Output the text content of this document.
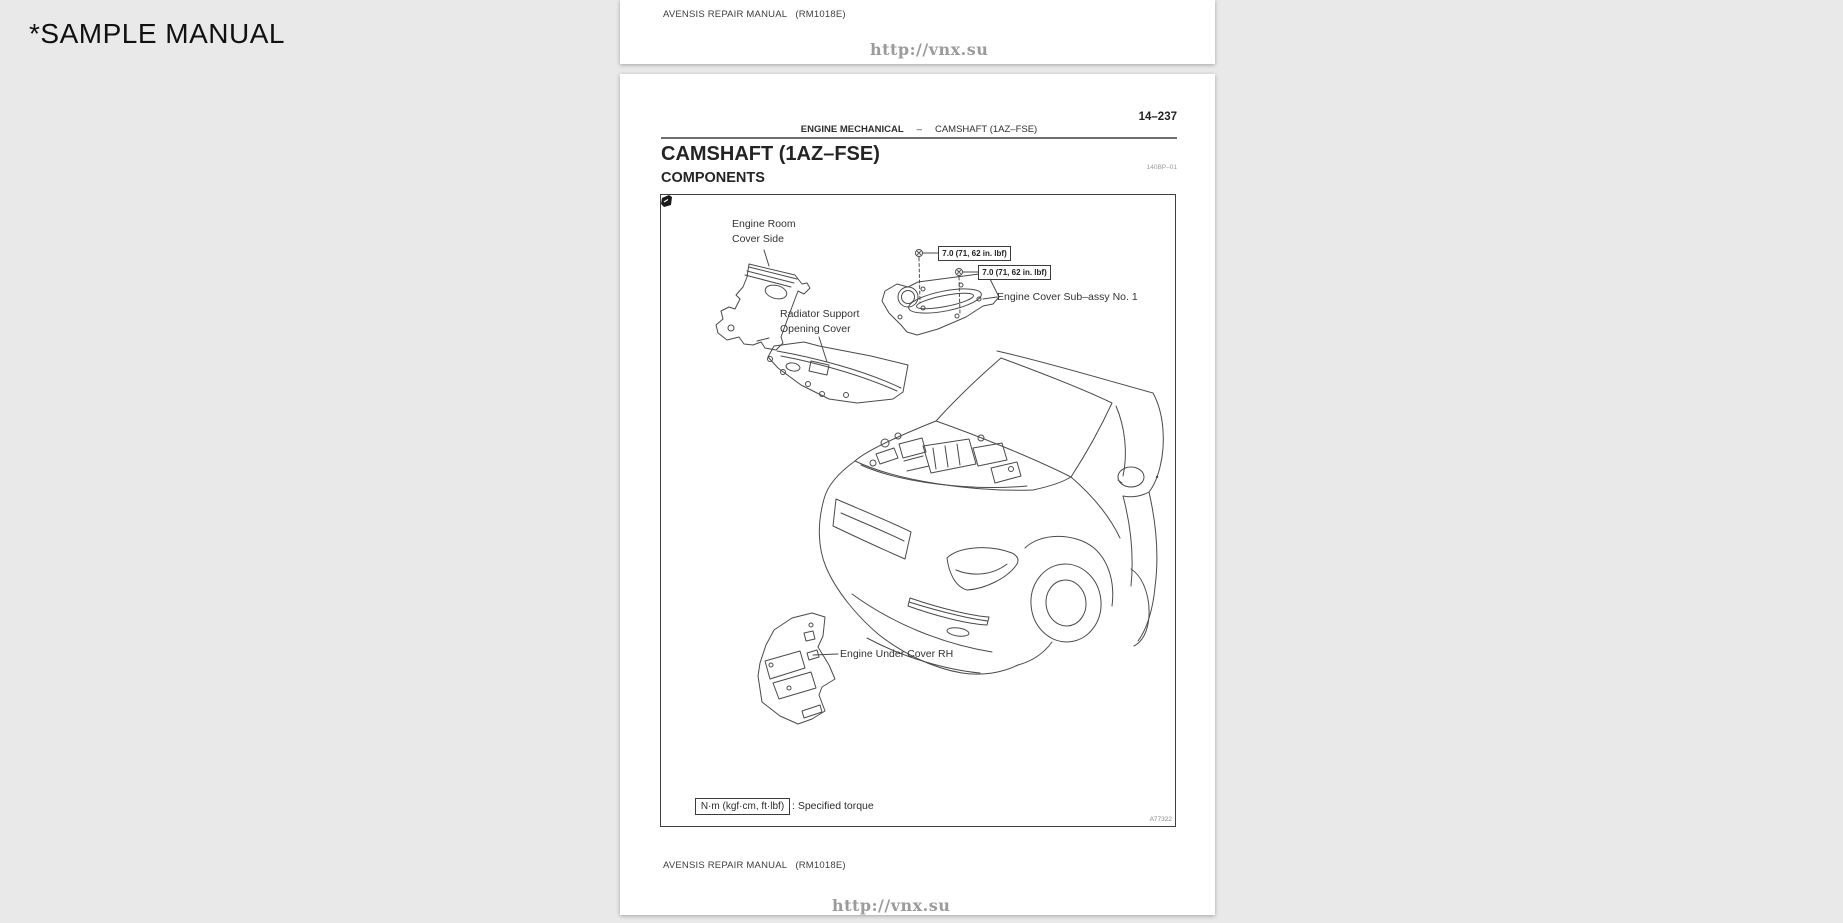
*SAMPLE MANUAL
AVENSIS REPAIR MANUAL   (RM1018E)
http://vnx.su
14–237
ENGINE MECHANICAL – CAMSHAFT (1AZ–FSE)
CAMSHAFT (1AZ–FSE)
COMPONENTS
140BP–01
Engine Room
Cover Side
7.0 (71, 62 in. lbf)
7.0 (71, 62 in. lbf)
Engine Cover Sub–assy No. 1
Radiator Support
Opening Cover
Engine Under Cover RH
N·m (kgf·cm, ft·lbf) : Specified torque
A77322
AVENSIS REPAIR MANUAL   (RM1018E)
http://vnx.su
